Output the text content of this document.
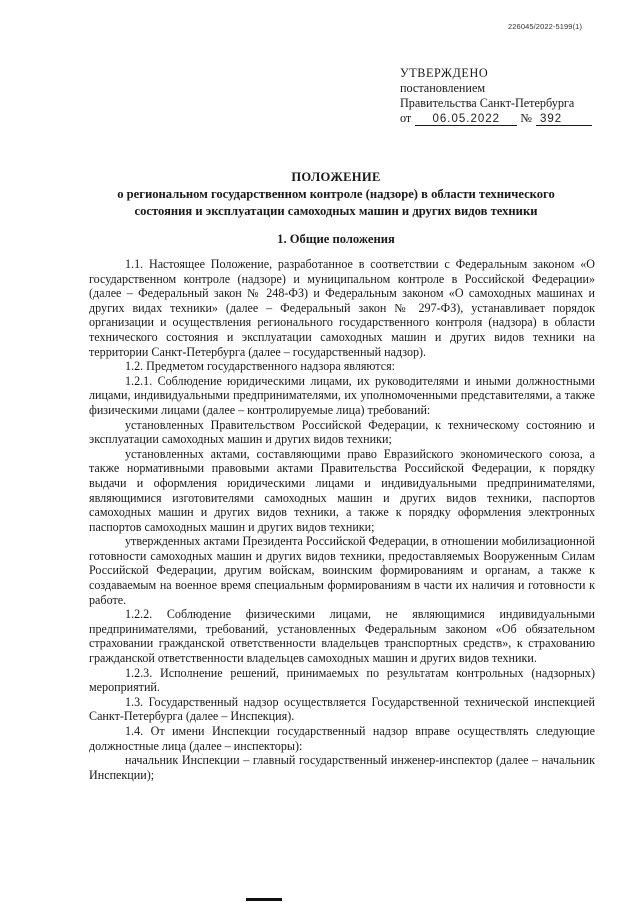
226045/2022-5199(1)
УТВЕРЖДЕНО
постановлением
Правительства Санкт-Петербурга
от 06.05.2022 № 392
ПОЛОЖЕНИЕ
о региональном государственном контроле (надзоре) в области технического
состояния и эксплуатации самоходных машин и других видов техники
1. Общие положения

1.1. Настоящее Положение, разработанное в соответствии с Федеральным законом «О государственном контроле (надзоре) и муниципальном контроле в Российской Федерации» (далее – Федеральный закон № 248-ФЗ) и Федеральным законом «О самоходных машинах и других видах техники» (далее – Федеральный закон № 297-ФЗ), устанавливает порядок организации и осуществления регионального государственного контроля (надзора) в области технического состояния и эксплуатации самоходных машин и других видов техники на территории Санкт-Петербурга (далее – государственный надзор).

1.2. Предметом государственного надзора являются:

1.2.1. Соблюдение юридическими лицами, их руководителями и иными должностными лицами, индивидуальными предпринимателями, их уполномоченными представителями, а также физическими лицами (далее – контролируемые лица) требований:

установленных Правительством Российской Федерации, к техническому состоянию и эксплуатации самоходных машин и других видов техники;

установленных актами, составляющими право Евразийского экономического союза, а также нормативными правовыми актами Правительства Российской Федерации, к порядку выдачи и оформления юридическими лицами и индивидуальными предпринимателями, являющимися изготовителями самоходных машин и других видов техники, паспортов самоходных машин и других видов техники, а также к порядку оформления электронных паспортов самоходных машин и других видов техники;

утвержденных актами Президента Российской Федерации, в отношении мобилизационной готовности самоходных машин и других видов техники, предоставляемых Вооруженным Силам Российской Федерации, другим войскам, воинским формированиям и органам, а также к создаваемым на военное время специальным формированиям в части их наличия и готовности к работе.

1.2.2. Соблюдение физическими лицами, не являющимися индивидуальными предпринимателями, требований, установленных Федеральным законом «Об обязательном страховании гражданской ответственности владельцев транспортных средств», к страхованию гражданской ответственности владельцев самоходных машин и других видов техники.

1.2.3. Исполнение решений, принимаемых по результатам контрольных (надзорных) мероприятий.

1.3. Государственный надзор осуществляется Государственной технической инспекцией Санкт-Петербурга (далее – Инспекция).

1.4. От имени Инспекции государственный надзор вправе осуществлять следующие должностные лица (далее – инспекторы):

начальник Инспекции – главный государственный инженер-инспектор (далее – начальник Инспекции);
